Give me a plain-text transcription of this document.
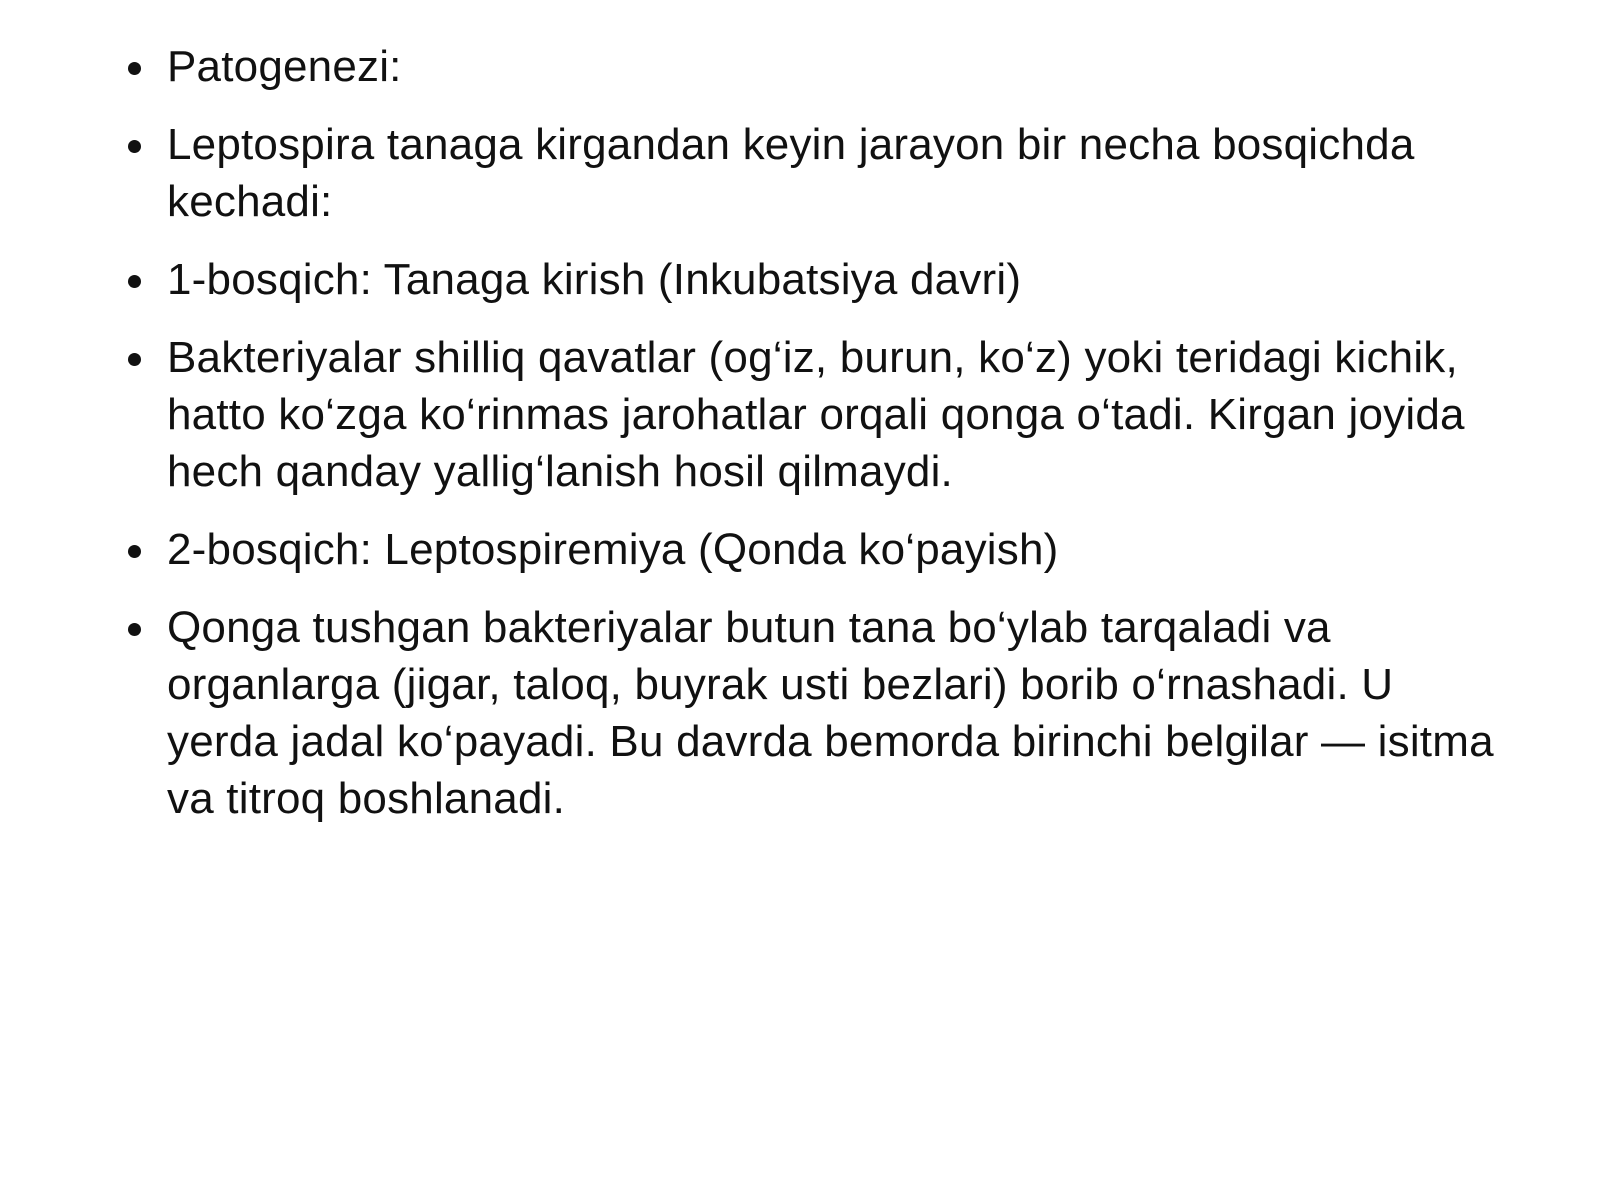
Patogenezi:
Leptospira tanaga kirgandan keyin jarayon bir necha bosqichda kechadi:
1-bosqich: Tanaga kirish (Inkubatsiya davri)
Bakteriyalar shilliq qavatlar (og‘iz, burun, ko‘z) yoki teridagi kichik, hatto ko‘zga ko‘rinmas jarohatlar orqali qonga o‘tadi. Kirgan joyida hech qanday yallig‘lanish hosil qilmaydi.
2-bosqich: Leptospiremiya (Qonda ko‘payish)
Qonga tushgan bakteriyalar butun tana bo‘ylab tarqaladi va organlarga (jigar, taloq, buyrak usti bezlari) borib o‘rnashadi. U yerda jadal ko‘payadi. Bu davrda bemorda birinchi belgilar — isitma va titroq boshlanadi.
